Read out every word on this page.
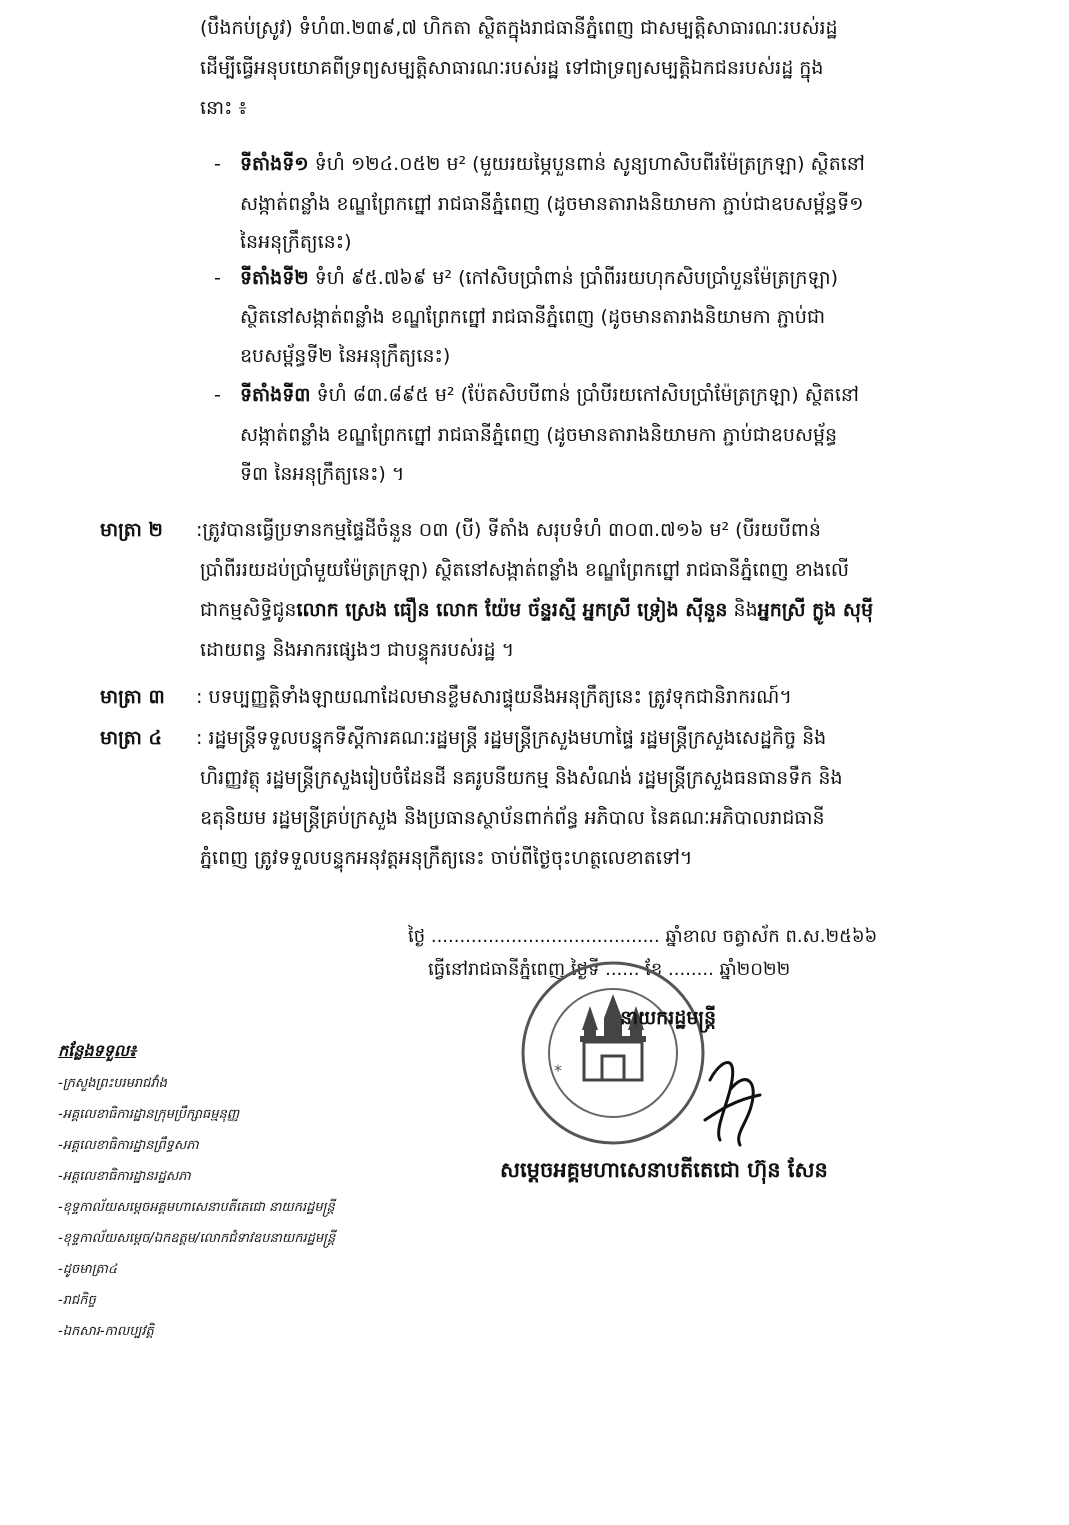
(បឹងកប់ស្រូវ) ទំហំ៣.២៣៩,៧ ហិកតា ស្ថិតក្នុងរាជធានីភ្នំពេញ ជាសម្បត្តិសាធារណៈរបស់រដ្ឋ

ដើម្បីធ្វើអនុបយោគពីទ្រព្យសម្បត្តិសាធារណៈរបស់រដ្ឋ ទៅជាទ្រព្យសម្បត្តិឯកជនរបស់រដ្ឋ ក្នុង

នោះ ៖

- ទីតាំងទី១ ទំហំ ១២៤.០៥២ ម² (មួយរយម្ភៃបួនពាន់ សូន្យហាសិបពីរម៉ែត្រក្រឡា) ស្ថិតនៅ

សង្កាត់ពន្លាំង ខណ្ឌព្រែកព្នៅ រាជធានីភ្នំពេញ (ដូចមានតារាងនិយាមកា ភ្ជាប់ជាឧបសម្ព័ន្ធទី១

នៃអនុក្រឹត្យនេះ)

- ទីតាំងទី២ ទំហំ ៩៥.៧៦៩ ម² (កៅសិបប្រាំពាន់ ប្រាំពីររយហុកសិបប្រាំបួនម៉ែត្រក្រឡា)

ស្ថិតនៅសង្កាត់ពន្លាំង ខណ្ឌព្រែកព្នៅ រាជធានីភ្នំពេញ (ដូចមានតារាងនិយាមកា ភ្ជាប់ជា

ឧបសម្ព័ន្ធទី២ នៃអនុក្រឹត្យនេះ)

- ទីតាំងទី៣ ទំហំ ៨៣.៨៩៥ ម² (ប៉ែតសិបបីពាន់ ប្រាំបីរយកៅសិបប្រាំម៉ែត្រក្រឡា) ស្ថិតនៅ

សង្កាត់ពន្លាំង ខណ្ឌព្រែកព្នៅ រាជធានីភ្នំពេញ (ដូចមានតារាងនិយាមកា ភ្ជាប់ជាឧបសម្ព័ន្ធ

ទី៣ នៃអនុក្រឹត្យនេះ) ។

មាត្រា ២ :ត្រូវបានធ្វើប្រទានកម្មផ្ទៃដីចំនួន ០៣ (បី) ទីតាំង សរុបទំហំ ៣០៣.៧១៦ ម² (បីរយបីពាន់

ប្រាំពីររយដប់ប្រាំមួយម៉ែត្រក្រឡា) ស្ថិតនៅសង្កាត់ពន្លាំង ខណ្ឌព្រែកព្នៅ រាជធានីភ្នំពេញ ខាងលើ

ជាកម្មសិទ្ធិជូនលោក ស្រេង ធឿន លោក យ៉ែម ច័ន្ទរស្មី អ្នកស្រី ទ្រៀង ស៊ីនួន និងអ្នកស្រី ក្លូង សុម៉ី

ដោយពន្ធ និងអាករផ្សេងៗ ជាបន្ទុករបស់រដ្ឋ ។

មាត្រា ៣ : បទប្បញ្ញត្តិទាំងឡាយណាដែលមានខ្លឹមសារផ្ទុយនឹងអនុក្រឹត្យនេះ ត្រូវទុកជានិរាករណ៍។

មាត្រា ៤ : រដ្ឋមន្ត្រីទទួលបន្ទុកទីស្ដីការគណៈរដ្ឋមន្ត្រី រដ្ឋមន្ត្រីក្រសួងមហាផ្ទៃ រដ្ឋមន្ត្រីក្រសួងសេដ្ឋកិច្ច និង

ហិរញ្ញវត្ថុ រដ្ឋមន្ត្រីក្រសួងរៀបចំដែនដី នគរូបនីយកម្ម និងសំណង់ រដ្ឋមន្ត្រីក្រសួងធនធានទឹក និង

ឧតុនិយម រដ្ឋមន្ត្រីគ្រប់ក្រសួង និងប្រធានស្ថាប័នពាក់ព័ន្ធ អភិបាល នៃគណៈអភិបាលរាជធានី

ភ្នំពេញ ត្រូវទទួលបន្ទុកអនុវត្តអនុក្រឹត្យនេះ ចាប់ពីថ្ងៃចុះហត្ថលេខាតទៅ។

ថ្ងៃ ........................................ ឆ្នាំខាល ចត្វាស័ក ព.ស.២៥៦៦

ធ្វើនៅរាជធានីភ្នំពេញ ថ្ងៃទី ...... ខែ ........ ឆ្នាំ២០២២

*

នាយករដ្ឋមន្ត្រី

សម្ដេចអគ្គមហាសេនាបតីតេជោ ហ៊ុន សែន

កន្លែងទទួល៖
-ក្រសួងព្រះបរមរាជវាំង
-អគ្គលេខាធិការដ្ឋានក្រុមប្រឹក្សាធម្មនុញ្ញ
-អគ្គលេខាធិការដ្ឋានព្រឹទ្ធសភា
-អគ្គលេខាធិការដ្ឋានរដ្ឋសភា
-ខុទ្ទកាល័យសម្ដេចអគ្គមហាសេនាបតីតេជោ នាយករដ្ឋមន្ត្រី
-ខុទ្ទកាល័យសម្ដេច/ឯកឧត្តម/លោកជំទាវឧបនាយករដ្ឋមន្ត្រី
-ដូចមាត្រា៤
-រាជកិច្ច
-ឯកសារ-កាលប្បវត្តិ
